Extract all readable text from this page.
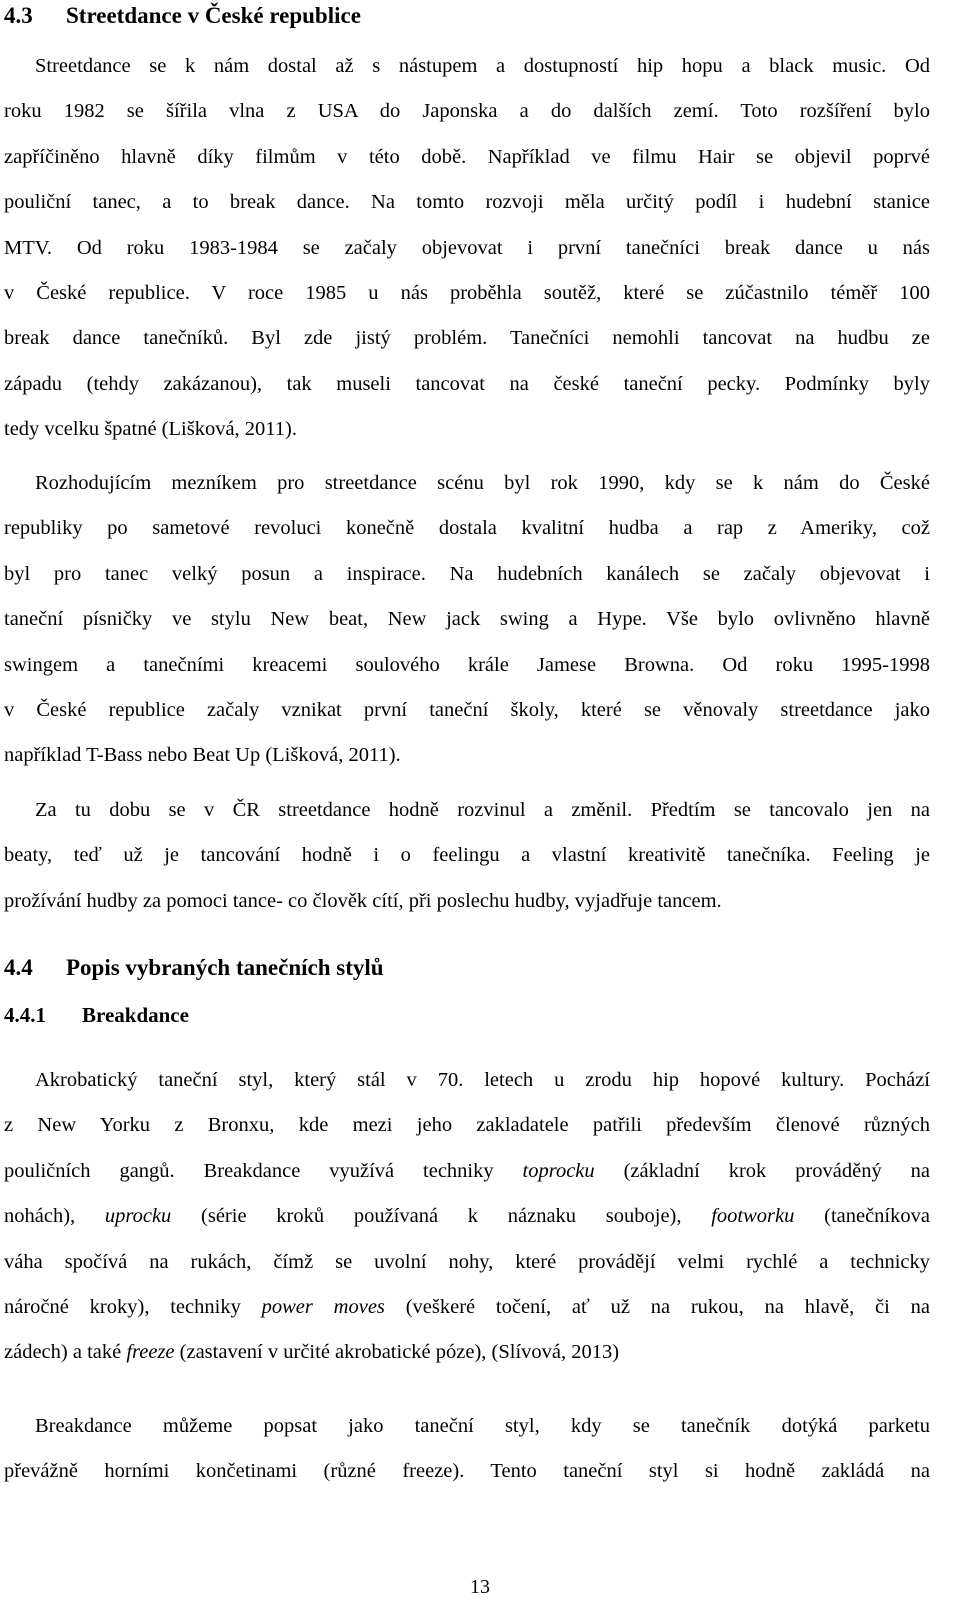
4.3 Streetdance v České republice
Streetdance se k nám dostal až s nástupem a dostupností hip hopu a black music. Od
roku 1982 se šířila vlna z USA do Japonska a do dalších zemí. Toto rozšíření bylo
zapříčiněno hlavně díky filmům v této době. Například ve filmu Hair se objevil poprvé
pouliční tanec, a to break dance. Na tomto rozvoji měla určitý podíl i hudební stanice
MTV. Od roku 1983-1984 se začaly objevovat i první tanečníci break dance u nás
v České republice. V roce 1985 u nás proběhla soutěž, které se zúčastnilo téměř 100
break dance tanečníků. Byl zde jistý problém. Tanečníci nemohli tancovat na hudbu ze
západu (tehdy zakázanou), tak museli tancovat na české taneční pecky. Podmínky byly
tedy vcelku špatné (Lišková, 2011).
Rozhodujícím mezníkem pro streetdance scénu byl rok 1990, kdy se k nám do České
republiky po sametové revoluci konečně dostala kvalitní hudba a rap z Ameriky, což
byl pro tanec velký posun a inspirace. Na hudebních kanálech se začaly objevovat i
taneční písničky ve stylu New beat, New jack swing a Hype. Vše bylo ovlivněno hlavně
swingem a tanečními kreacemi soulového krále Jamese Browna. Od roku 1995-1998
v České republice začaly vznikat první taneční školy, které se věnovaly streetdance jako
například T-Bass nebo Beat Up (Lišková, 2011).
Za tu dobu se v ČR streetdance hodně rozvinul a změnil. Předtím se tancovalo jen na
beaty, teď už je tancování hodně i o feelingu a vlastní kreativitě tanečníka. Feeling je
prožívání hudby za pomoci tance- co člověk cítí, při poslechu hudby, vyjadřuje tancem.
4.4 Popis vybraných tanečních stylů
4.4.1 Breakdance
Akrobatický taneční styl, který stál v 70. letech u zrodu hip hopové kultury. Pochází
z New Yorku z Bronxu, kde mezi jeho zakladatele patřili především členové různých
pouličních gangů. Breakdance využívá techniky toprocku (základní krok prováděný na
nohách), uprocku (série kroků používaná k náznaku souboje), footworku (tanečníkova
váha spočívá na rukách, čímž se uvolní nohy, které provádějí velmi rychlé a technicky
náročné kroky), techniky power moves (veškeré točení, ať už na rukou, na hlavě, či na
zádech) a také freeze (zastavení v určité akrobatické póze), (Slívová, 2013)
Breakdance můžeme popsat jako taneční styl, kdy se tanečník dotýká parketu
převážně horními končetinami (různé freeze). Tento taneční styl si hodně zakládá na
13
